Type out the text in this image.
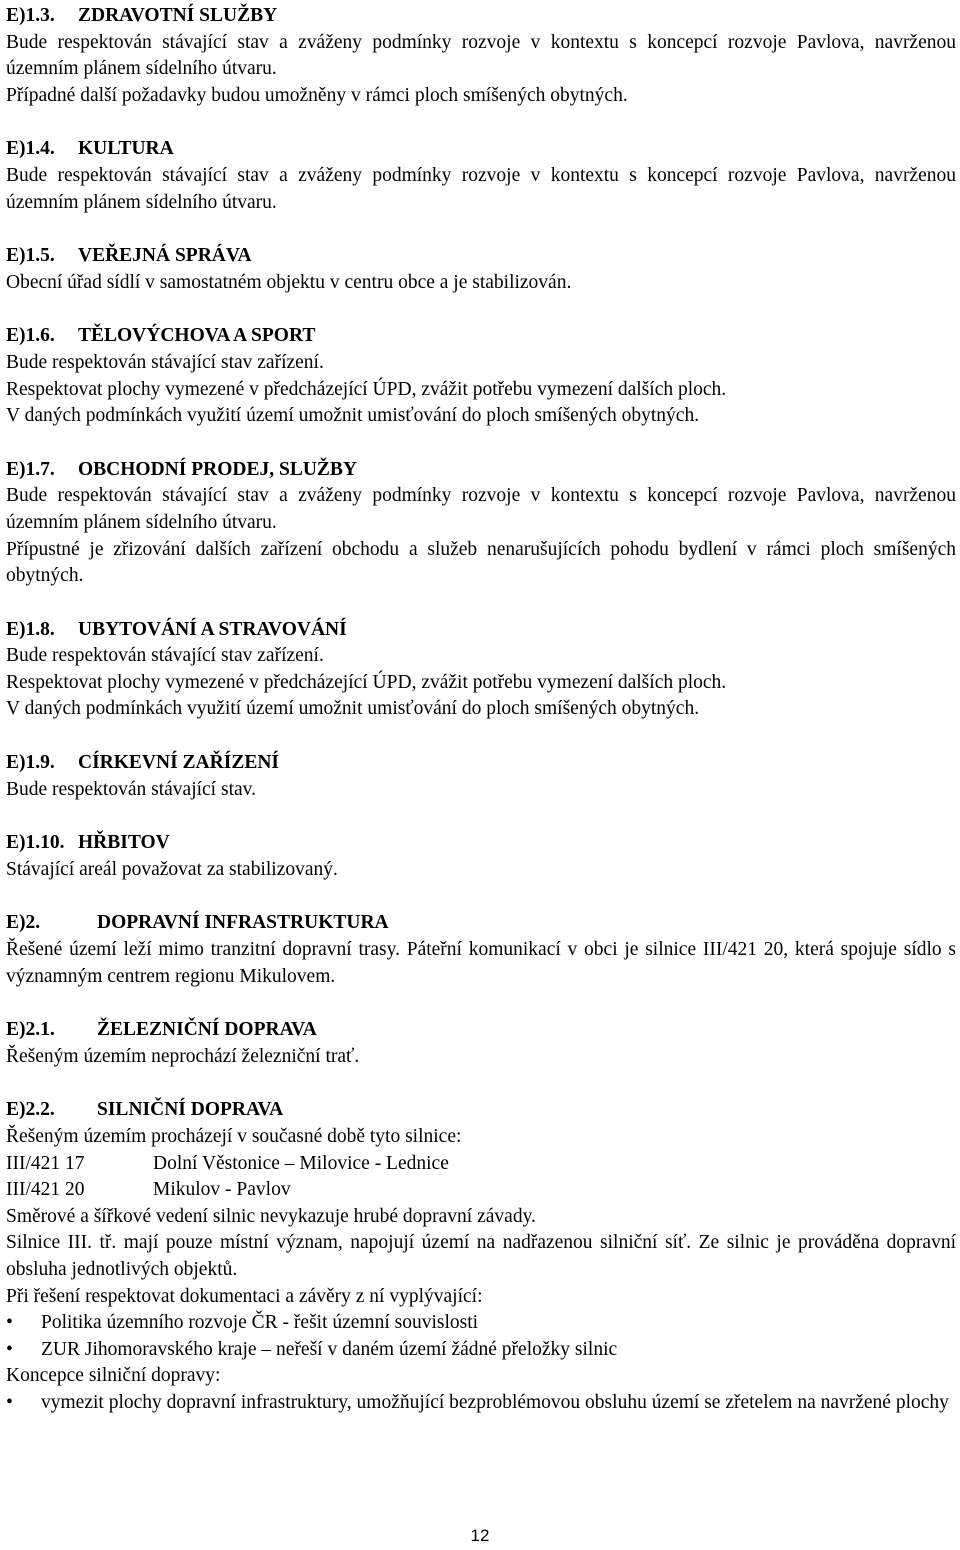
E)1.3. ZDRAVOTNÍ SLUŽBY
Bude respektován stávající stav a zváženy podmínky rozvoje v kontextu s koncepcí rozvoje Pavlova, navrženou územním plánem sídelního útvaru.
Případné další požadavky budou umožněny v rámci ploch smíšených obytných.
E)1.4. KULTURA
Bude respektován stávající stav a zváženy podmínky rozvoje v kontextu s koncepcí rozvoje Pavlova, navrženou územním plánem sídelního útvaru.
E)1.5. VEŘEJNÁ SPRÁVA
Obecní úřad sídlí v samostatném objektu v centru obce a je stabilizován.
E)1.6. TĚLOVÝCHOVA A SPORT
Bude respektován stávající stav zařízení.
Respektovat plochy vymezené v předcházející ÚPD, zvážit potřebu vymezení dalších ploch.
V daných podmínkách využití území umožnit umisťování do ploch smíšených obytných.
E)1.7. OBCHODNÍ PRODEJ, SLUŽBY
Bude respektován stávající stav a zváženy podmínky rozvoje v kontextu s koncepcí rozvoje Pavlova, navrženou územním plánem sídelního útvaru.
Přípustné je zřizování dalších zařízení obchodu a služeb nenarušujících pohodu bydlení v rámci ploch smíšených obytných.
E)1.8. UBYTOVÁNÍ A STRAVOVÁNÍ
Bude respektován stávající stav zařízení.
Respektovat plochy vymezené v předcházející ÚPD, zvážit potřebu vymezení dalších ploch.
V daných podmínkách využití území umožnit umisťování do ploch smíšených obytných.
E)1.9. CÍRKEVNÍ ZAŘÍZENÍ
Bude respektován stávající stav.
E)1.10. HŘBITOV
Stávající areál považovat za stabilizovaný.
E)2.	DOPRAVNÍ INFRASTRUKTURA
Řešené území leží mimo tranzitní dopravní trasy. Páteřní komunikací v obci je silnice III/421 20, která spojuje sídlo s významným centrem regionu Mikulovem.
E)2.1. ŽELEZNIČNÍ DOPRAVA
Řešeným územím neprochází železniční trať.
E)2.2. SILNIČNÍ DOPRAVA
Řešeným územím procházejí v současné době tyto silnice:
III/421 17	Dolní Věstonice – Milovice - Lednice
III/421 20	Mikulov - Pavlov
Směrové a šířkové vedení silnic nevykazuje hrubé dopravní závady.
Silnice III. tř. mají pouze místní význam, napojují území na nadřazenou silniční síť. Ze silnic je prováděna dopravní obsluha jednotlivých objektů.
Při řešení respektovat dokumentaci a závěry z ní vyplývající:
•	Politika územního rozvoje ČR - řešit územní souvislosti
•	ZUR Jihomoravského kraje – neřeší v daném území žádné přeložky silnic
Koncepce silniční dopravy:
•	vymezit plochy dopravní infrastruktury, umožňující bezproblémovou obsluhu území se zřetelem na navržené plochy
12
